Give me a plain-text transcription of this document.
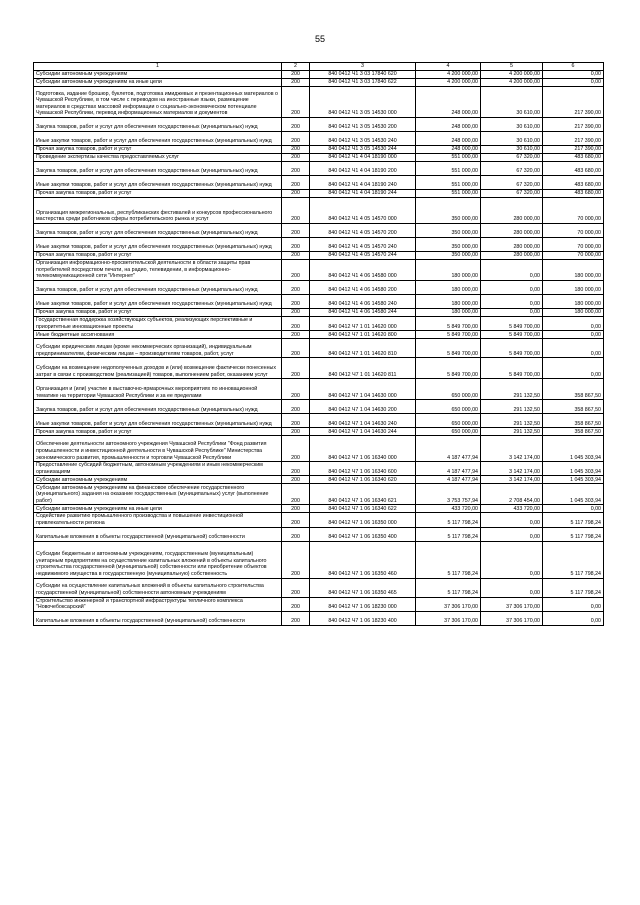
55
1	2	3	4	5	6
Субсидии автономным учреждениям	200	840 0412 Ч1 3 03 17840 620	4 200 000,00	4 200 000,00	0,00
Субсидии автономным учреждениям на иные цели	200	840 0412 Ч1 3 03 17840 622	4 200 000,00	4 200 000,00	0,00
Подготовка, издание брошюр, буклетов, подготовка имиджевых и презентационных материалов о Чувашской Республике, в том числе с переводом на иностранные языки, размещение материалов в средствах массовой информации о социально-экономическом потенциале Чувашской Республики, перевод информационных материалов и документов	200	840 0412 Ч1 3 05 14530 000	248 000,00	30 610,00	217 390,00
Закупка товаров, работ и услуг для обеспечения государственных (муниципальных) нужд	200	840 0412 Ч1 3 05 14530 200	248 000,00	30 610,00	217 390,00
Иные закупки товаров, работ и услуг для обеспечения государственных (муниципальных) нужд	200	840 0412 Ч1 3 05 14530 240	248 000,00	30 610,00	217 390,00
Прочая закупка товаров, работ и услуг	200	840 0412 Ч1 3 05 14530 244	248 000,00	30 610,00	217 390,00
Проведение экспертизы качества предоставляемых услуг	200	840 0412 Ч1 4 04 18190 000	551 000,00	67 320,00	483 680,00
Закупка товаров, работ и услуг для обеспечения государственных (муниципальных) нужд	200	840 0412 Ч1 4 04 18190 200	551 000,00	67 320,00	483 680,00
Иные закупки товаров, работ и услуг для обеспечения государственных (муниципальных) нужд	200	840 0412 Ч1 4 04 18190 240	551 000,00	67 320,00	483 680,00
Прочая закупка товаров, работ и услуг	200	840 0412 Ч1 4 04 18190 244	551 000,00	67 320,00	483 680,00
Организация межрегиональных, республиканских фестивалей и конкурсов профессионального мастерства среди работников сферы потребительского рынка и услуг	200	840 0412 Ч1 4 05 14570 000	350 000,00	280 000,00	70 000,00
Закупка товаров, работ и услуг для обеспечения государственных (муниципальных) нужд	200	840 0412 Ч1 4 05 14570 200	350 000,00	280 000,00	70 000,00
Иные закупки товаров, работ и услуг для обеспечения государственных (муниципальных) нужд	200	840 0412 Ч1 4 05 14570 240	350 000,00	280 000,00	70 000,00
Прочая закупка товаров, работ и услуг	200	840 0412 Ч1 4 05 14570 244	350 000,00	280 000,00	70 000,00
Организация информационно-просветительской деятельности в области защиты прав потребителей посредством печати, на радио, телевидении, в информационно-телекоммуникационной сети "Интернет"	200	840 0412 Ч1 4 06 14580 000	180 000,00	0,00	180 000,00
Закупка товаров, работ и услуг для обеспечения государственных (муниципальных) нужд	200	840 0412 Ч1 4 06 14580 200	180 000,00	0,00	180 000,00
Иные закупки товаров, работ и услуг для обеспечения государственных (муниципальных) нужд	200	840 0412 Ч1 4 06 14580 240	180 000,00	0,00	180 000,00
Прочая закупка товаров, работ и услуг	200	840 0412 Ч1 4 06 14580 244	180 000,00	0,00	180 000,00
Государственная поддержка хозяйствующих субъектов, реализующих перспективные и приоритетные инновационные проекты	200	840 0412 Ч7 1 01 14620 000	5 849 700,00	5 849 700,00	0,00
Иные бюджетные ассигнования	200	840 0412 Ч7 1 01 14620 800	5 849 700,00	5 849 700,00	0,00
Субсидии юридическим лицам (кроме некоммерческих организаций), индивидуальным предпринимателям, физическим лицам – производителям товаров, работ, услуг	200	840 0412 Ч7 1 01 14620 810	5 849 700,00	5 849 700,00	0,00
Субсидии на возмещение недополученных доходов и (или) возмещение фактически понесенных затрат в связи с производством (реализацией) товаров, выполнением работ, оказанием услуг	200	840 0412 Ч7 1 01 14620 811	5 849 700,00	5 849 700,00	0,00
Организация и (или) участие в выставочно-ярмарочных мероприятиях по инновационной тематике на территории Чувашской Республики и за ее пределами	200	840 0412 Ч7 1 04 14630 000	650 000,00	291 132,50	358 867,50
Закупка товаров, работ и услуг для обеспечения государственных (муниципальных) нужд	200	840 0412 Ч7 1 04 14630 200	650 000,00	291 132,50	358 867,50
Иные закупки товаров, работ и услуг для обеспечения государственных (муниципальных) нужд	200	840 0412 Ч7 1 04 14630 240	650 000,00	291 132,50	358 867,50
Прочая закупка товаров, работ и услуг	200	840 0412 Ч7 1 04 14630 244	650 000,00	291 132,50	358 867,50
Обеспечение деятельности автономного учреждения Чувашской Республики "Фонд развития промышленности и инвестиционной деятельности в Чувашской Республике" Министерства экономического развития, промышленности и торговли Чувашской Республики	200	840 0412 Ч7 1 06 16340 000	4 187 477,94	3 142 174,00	1 045 303,94
Предоставление субсидий бюджетным, автономным учреждениям и иным некоммерческим организациям	200	840 0412 Ч7 1 06 16340 600	4 187 477,94	3 142 174,00	1 045 303,94
Субсидии автономным учреждениям	200	840 0412 Ч7 1 06 16340 620	4 187 477,94	3 142 174,00	1 045 303,94
Субсидии автономным учреждениям на финансовое обеспечение государственного (муниципального) задания на оказание государственных (муниципальных) услуг (выполнение работ)	200	840 0412 Ч7 1 06 16340 621	3 753 757,94	2 708 454,00	1 045 303,94
Субсидии автономным учреждениям на иные цели	200	840 0412 Ч7 1 06 16340 622	433 720,00	433 720,00	0,00
Содействие развитию промышленного производства и повышение инвестиционной привлекательности региона	200	840 0412 Ч7 1 06 16350 000	5 117 798,24	0,00	5 117 798,24
Капитальные вложения в объекты государственной (муниципальной) собственности	200	840 0412 Ч7 1 06 16350 400	5 117 798,24	0,00	5 117 798,24
Субсидии бюджетным и автономным учреждениям, государственным (муниципальным) унитарным предприятиям на осуществление капитальных вложений в объекты капитального строительства государственной (муниципальной) собственности или приобретение объектов недвижимого имущества в государственную (муниципальную) собственность	200	840 0412 Ч7 1 06 16350 460	5 117 798,24	0,00	5 117 798,24
Субсидии на осуществление капитальных вложений в объекты капитального строительства государственной (муниципальной) собственности автономным учреждениям	200	840 0412 Ч7 1 06 16350 465	5 117 798,24	0,00	5 117 798,24
Строительство инженерной и транспортной инфраструктуры тепличного комплекса "Новочебоксарский"	200	840 0412 Ч7 1 06 18230 000	37 306 170,00	37 306 170,00	0,00
Капитальные вложения в объекты государственной (муниципальной) собственности	200	840 0412 Ч7 1 06 18230 400	37 306 170,00	37 306 170,00	0,00
